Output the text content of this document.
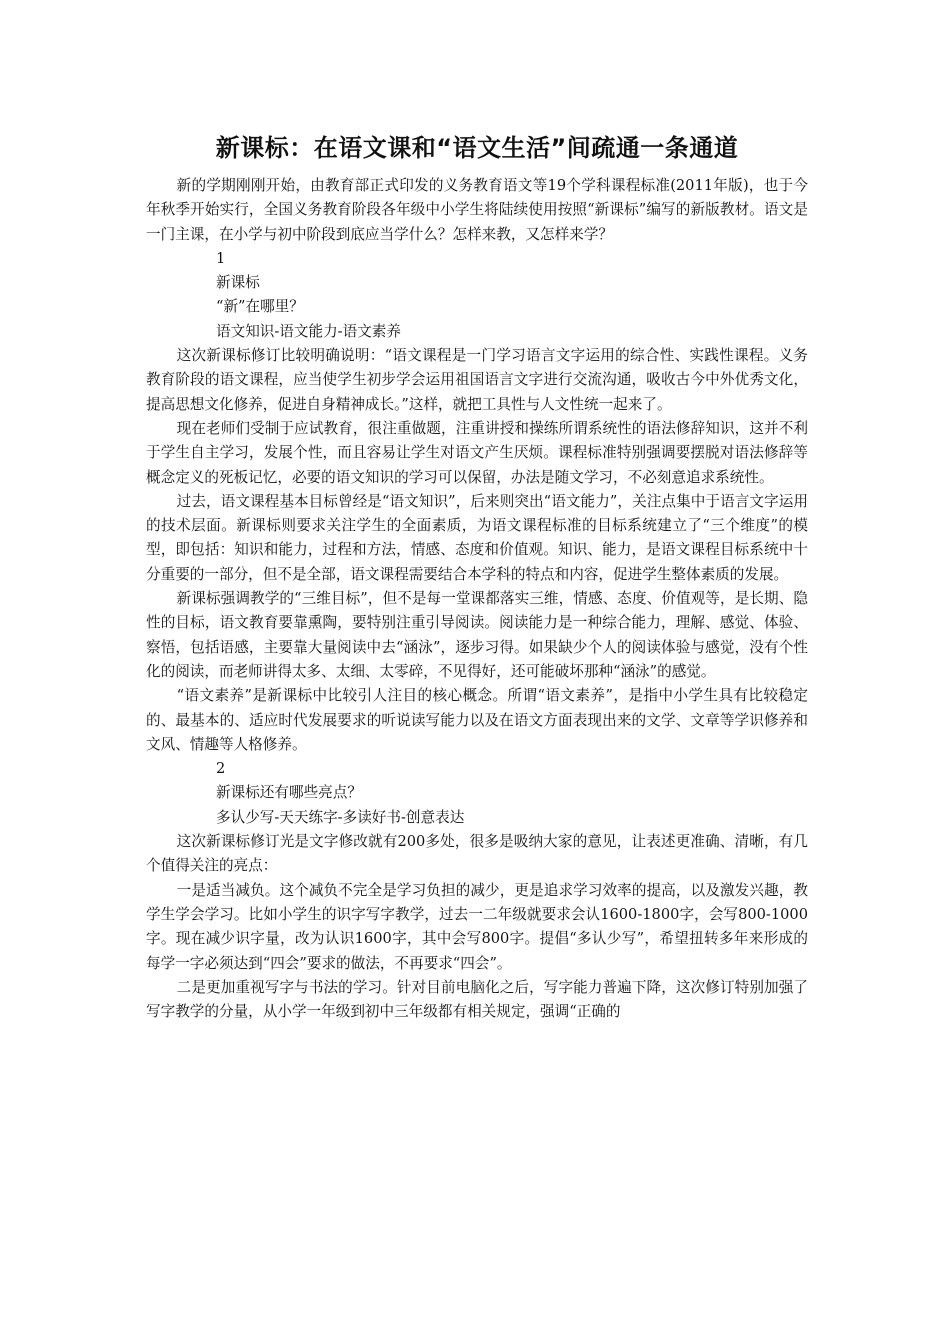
新课标：在语文课和“语文生活”间疏通一条通道

新的学期刚刚开始，由教育部正式印发的义务教育语文等19个学科课程标准(2011年版)，也于今年秋季开始实行，全国义务教育阶段各年级中小学生将陆续使用按照“新课标”编写的新版教材。语文是一门主课，在小学与初中阶段到底应当学什么？怎样来教，又怎样来学？

1

新课标

“新”在哪里？

语文知识-语文能力-语文素养

这次新课标修订比较明确说明：“语文课程是一门学习语言文字运用的综合性、实践性课程。义务教育阶段的语文课程，应当使学生初步学会运用祖国语言文字进行交流沟通，吸收古今中外优秀文化，提高思想文化修养，促进自身精神成长。”这样，就把工具性与人文性统一起来了。

现在老师们受制于应试教育，很注重做题，注重讲授和操练所谓系统性的语法修辞知识，这并不利于学生自主学习，发展个性，而且容易让学生对语文产生厌烦。课程标准特别强调要摆脱对语法修辞等概念定义的死板记忆，必要的语文知识的学习可以保留，办法是随文学习，不必刻意追求系统性。

过去，语文课程基本目标曾经是“语文知识”，后来则突出“语文能力”，关注点集中于语言文字运用的技术层面。新课标则要求关注学生的全面素质，为语文课程标准的目标系统建立了“三个维度”的模型，即包括：知识和能力，过程和方法，情感、态度和价值观。知识、能力，是语文课程目标系统中十分重要的一部分，但不是全部，语文课程需要结合本学科的特点和内容，促进学生整体素质的发展。

新课标强调教学的“三维目标”，但不是每一堂课都落实三维，情感、态度、价值观等，是长期、隐性的目标，语文教育要靠熏陶，要特别注重引导阅读。阅读能力是一种综合能力，理解、感觉、体验、察悟，包括语感，主要靠大量阅读中去“涵泳”，逐步习得。如果缺少个人的阅读体验与感觉，没有个性化的阅读，而老师讲得太多、太细、太零碎，不见得好，还可能破坏那种“涵泳”的感觉。

“语文素养”是新课标中比较引人注目的核心概念。所谓“语文素养”，是指中小学生具有比较稳定的、最基本的、适应时代发展要求的听说读写能力以及在语文方面表现出来的文学、文章等学识修养和文风、情趣等人格修养。

2

新课标还有哪些亮点？

多认少写-天天练字-多读好书-创意表达

这次新课标修订光是文字修改就有200多处，很多是吸纳大家的意见，让表述更准确、清晰，有几个值得关注的亮点：

一是适当减负。这个减负不完全是学习负担的减少，更是追求学习效率的提高，以及激发兴趣，教学生学会学习。比如小学生的识字写字教学，过去一二年级就要求会认1600-1800字，会写800-1000字。现在减少识字量，改为认识1600字，其中会写800字。提倡“多认少写”，希望扭转多年来形成的每学一字必须达到“四会”要求的做法，不再要求“四会”。

二是更加重视写字与书法的学习。针对目前电脑化之后，写字能力普遍下降，这次修订特别加强了写字教学的分量，从小学一年级到初中三年级都有相关规定，强调“正确的
